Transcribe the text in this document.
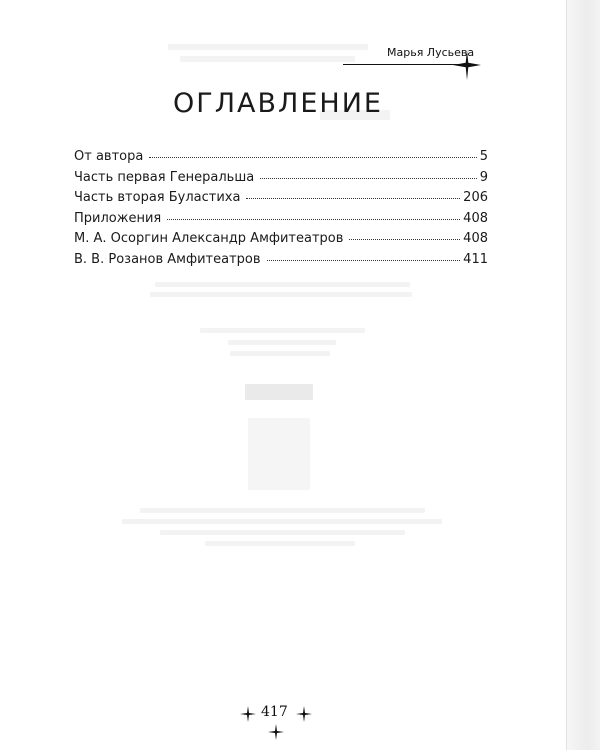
Марья Лусьева
ОГЛАВЛЕНИЕ
От автора	5
Часть первая Генеральша	9
Часть вторая Буластиха	206
Приложения	408
М. А. Осоргин Александр Амфитеатров	408
В. В. Розанов Амфитеатров	411
417
